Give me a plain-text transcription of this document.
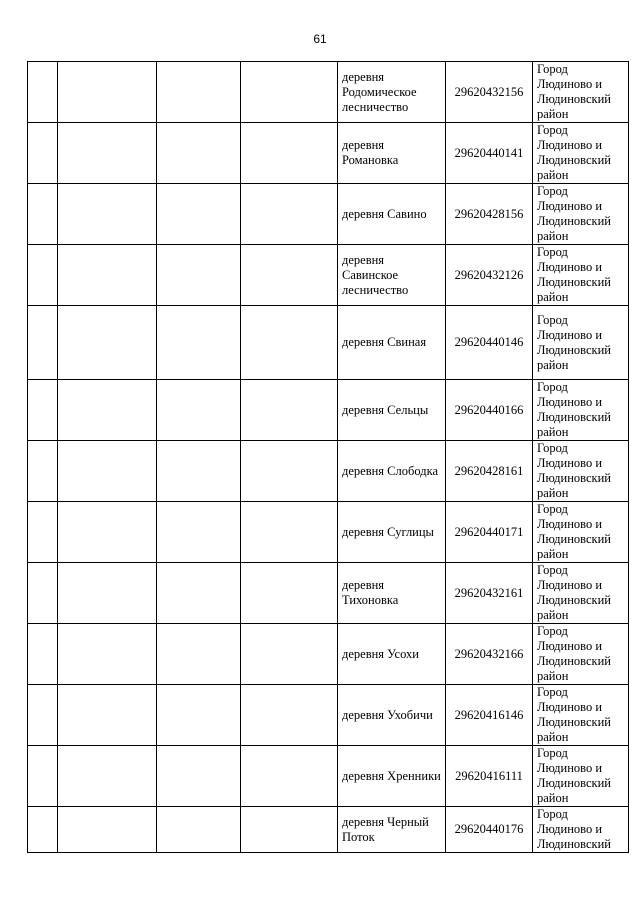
61
				деревня Родомическое лесничество	29620432156	Город Людиново и Людиновский район
				деревня Романовка	29620440141	Город Людиново и Людиновский район
				деревня Савино	29620428156	Город Людиново и Людиновский район
				деревня Савинское лесничество	29620432126	Город Людиново и Людиновский район
				деревня Свиная	29620440146	Город Людиново и Людиновский район
				деревня Сельцы	29620440166	Город Людиново и Людиновский район
				деревня Слободка	29620428161	Город Людиново и Людиновский район
				деревня Суглицы	29620440171	Город Людиново и Людиновский район
				деревня Тихоновка	29620432161	Город Людиново и Людиновский район
				деревня Усохи	29620432166	Город Людиново и Людиновский район
				деревня Ухобичи	29620416146	Город Людиново и Людиновский район
				деревня Хренники	29620416111	Город Людиново и Людиновский район
				деревня Черный Поток	29620440176	Город Людиново и Людиновский
